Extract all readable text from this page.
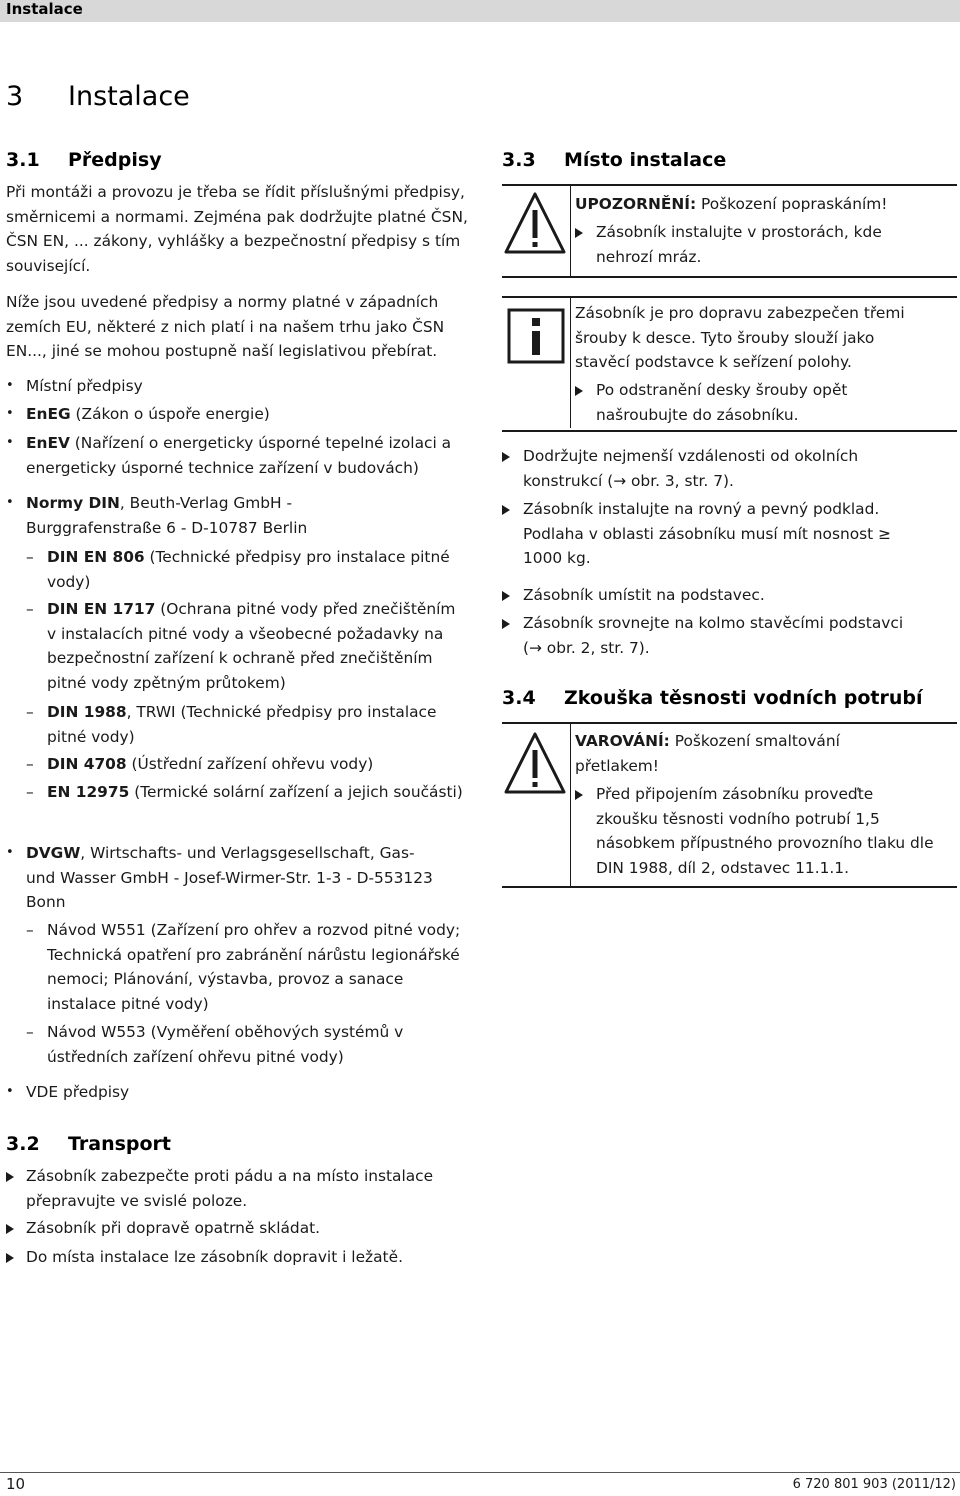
Instalace
3 Instalace
3.1 Předpisy

Při montáži a provozu je třeba se řídit příslušnými předpisy, směrnicemi a normami. Zejména pak dodržujte platné ČSN, ČSN EN, ... zákony, vyhlášky a bezpečnostní předpisy s tím související.

Níže jsou uvedené předpisy a normy platné v západních zemích EU, některé z nich platí i na našem trhu jako ČSN EN..., jiné se mohou postupně naší legislativou přebírat.

• Místní předpisy
• EnEG (Zákon o úspoře energie)
• EnEV (Nařízení o energeticky úsporné tepelné izolaci a energeticky úsporné technice zařízení v budovách)
• Normy DIN, Beuth-Verlag GmbH - Burggrafenstraße 6 - D-10787 Berlin
– DIN EN 806 (Technické předpisy pro instalace pitné vody)
– DIN EN 1717 (Ochrana pitné vody před znečištěním v instalacích pitné vody a všeobecné požadavky na bezpečnostní zařízení k ochraně před znečištěním pitné vody zpětným průtokem)
– DIN 1988, TRWI (Technické předpisy pro instalace pitné vody)
– DIN 4708 (Ústřední zařízení ohřevu vody)
– EN 12975 (Termické solární zařízení a jejich součásti)
• DVGW, Wirtschafts- und Verlagsgesellschaft, Gas- und Wasser GmbH - Josef-Wirmer-Str. 1-3 - D-553123 Bonn
– Návod W551 (Zařízení pro ohřev a rozvod pitné vody; Technická opatření pro zabránění nárůstu legionářské nemoci; Plánování, výstavba, provoz a sanace instalace pitné vody)
– Návod W553 (Vyměření oběhových systémů v ústředních zařízení ohřevu pitné vody)
• VDE předpisy
3.2 Transport
Zásobník zabezpečte proti pádu a na místo instalace přepravujte ve svislé poloze.
Zásobník při dopravě opatrně skládat.
Do místa instalace lze zásobník dopravit i ležatě.
3.3 Místo instalace

UPOZORNĚNÍ: Poškození popraskáním!

Zásobník instalujte v prostorách, kde nehrozí mráz.

Zásobník je pro dopravu zabezpečen třemi šrouby k desce. Tyto šrouby slouží jako stavěcí podstavce k seřízení polohy.

Po odstranění desky šrouby opět našroubujte do zásobníku.
Dodržujte nejmenší vzdálenosti od okolních konstrukcí (→ obr. 3, str. 7).
Zásobník instalujte na rovný a pevný podklad. Podlaha v oblasti zásobníku musí mít nosnost ≥ 1000 kg.
Zásobník umístit na podstavec.
Zásobník srovnejte na kolmo stavěcími podstavci (→ obr. 2, str. 7).
3.4 Zkouška těsnosti vodních potrubí

VAROVÁNÍ: Poškození smaltování přetlakem!

Před připojením zásobníku proveďte zkoušku těsnosti vodního potrubí 1,5 násobkem přípustného provozního tlaku dle DIN 1988, díl 2, odstavec 11.1.1.
10	6 720 801 903 (2011/12)
